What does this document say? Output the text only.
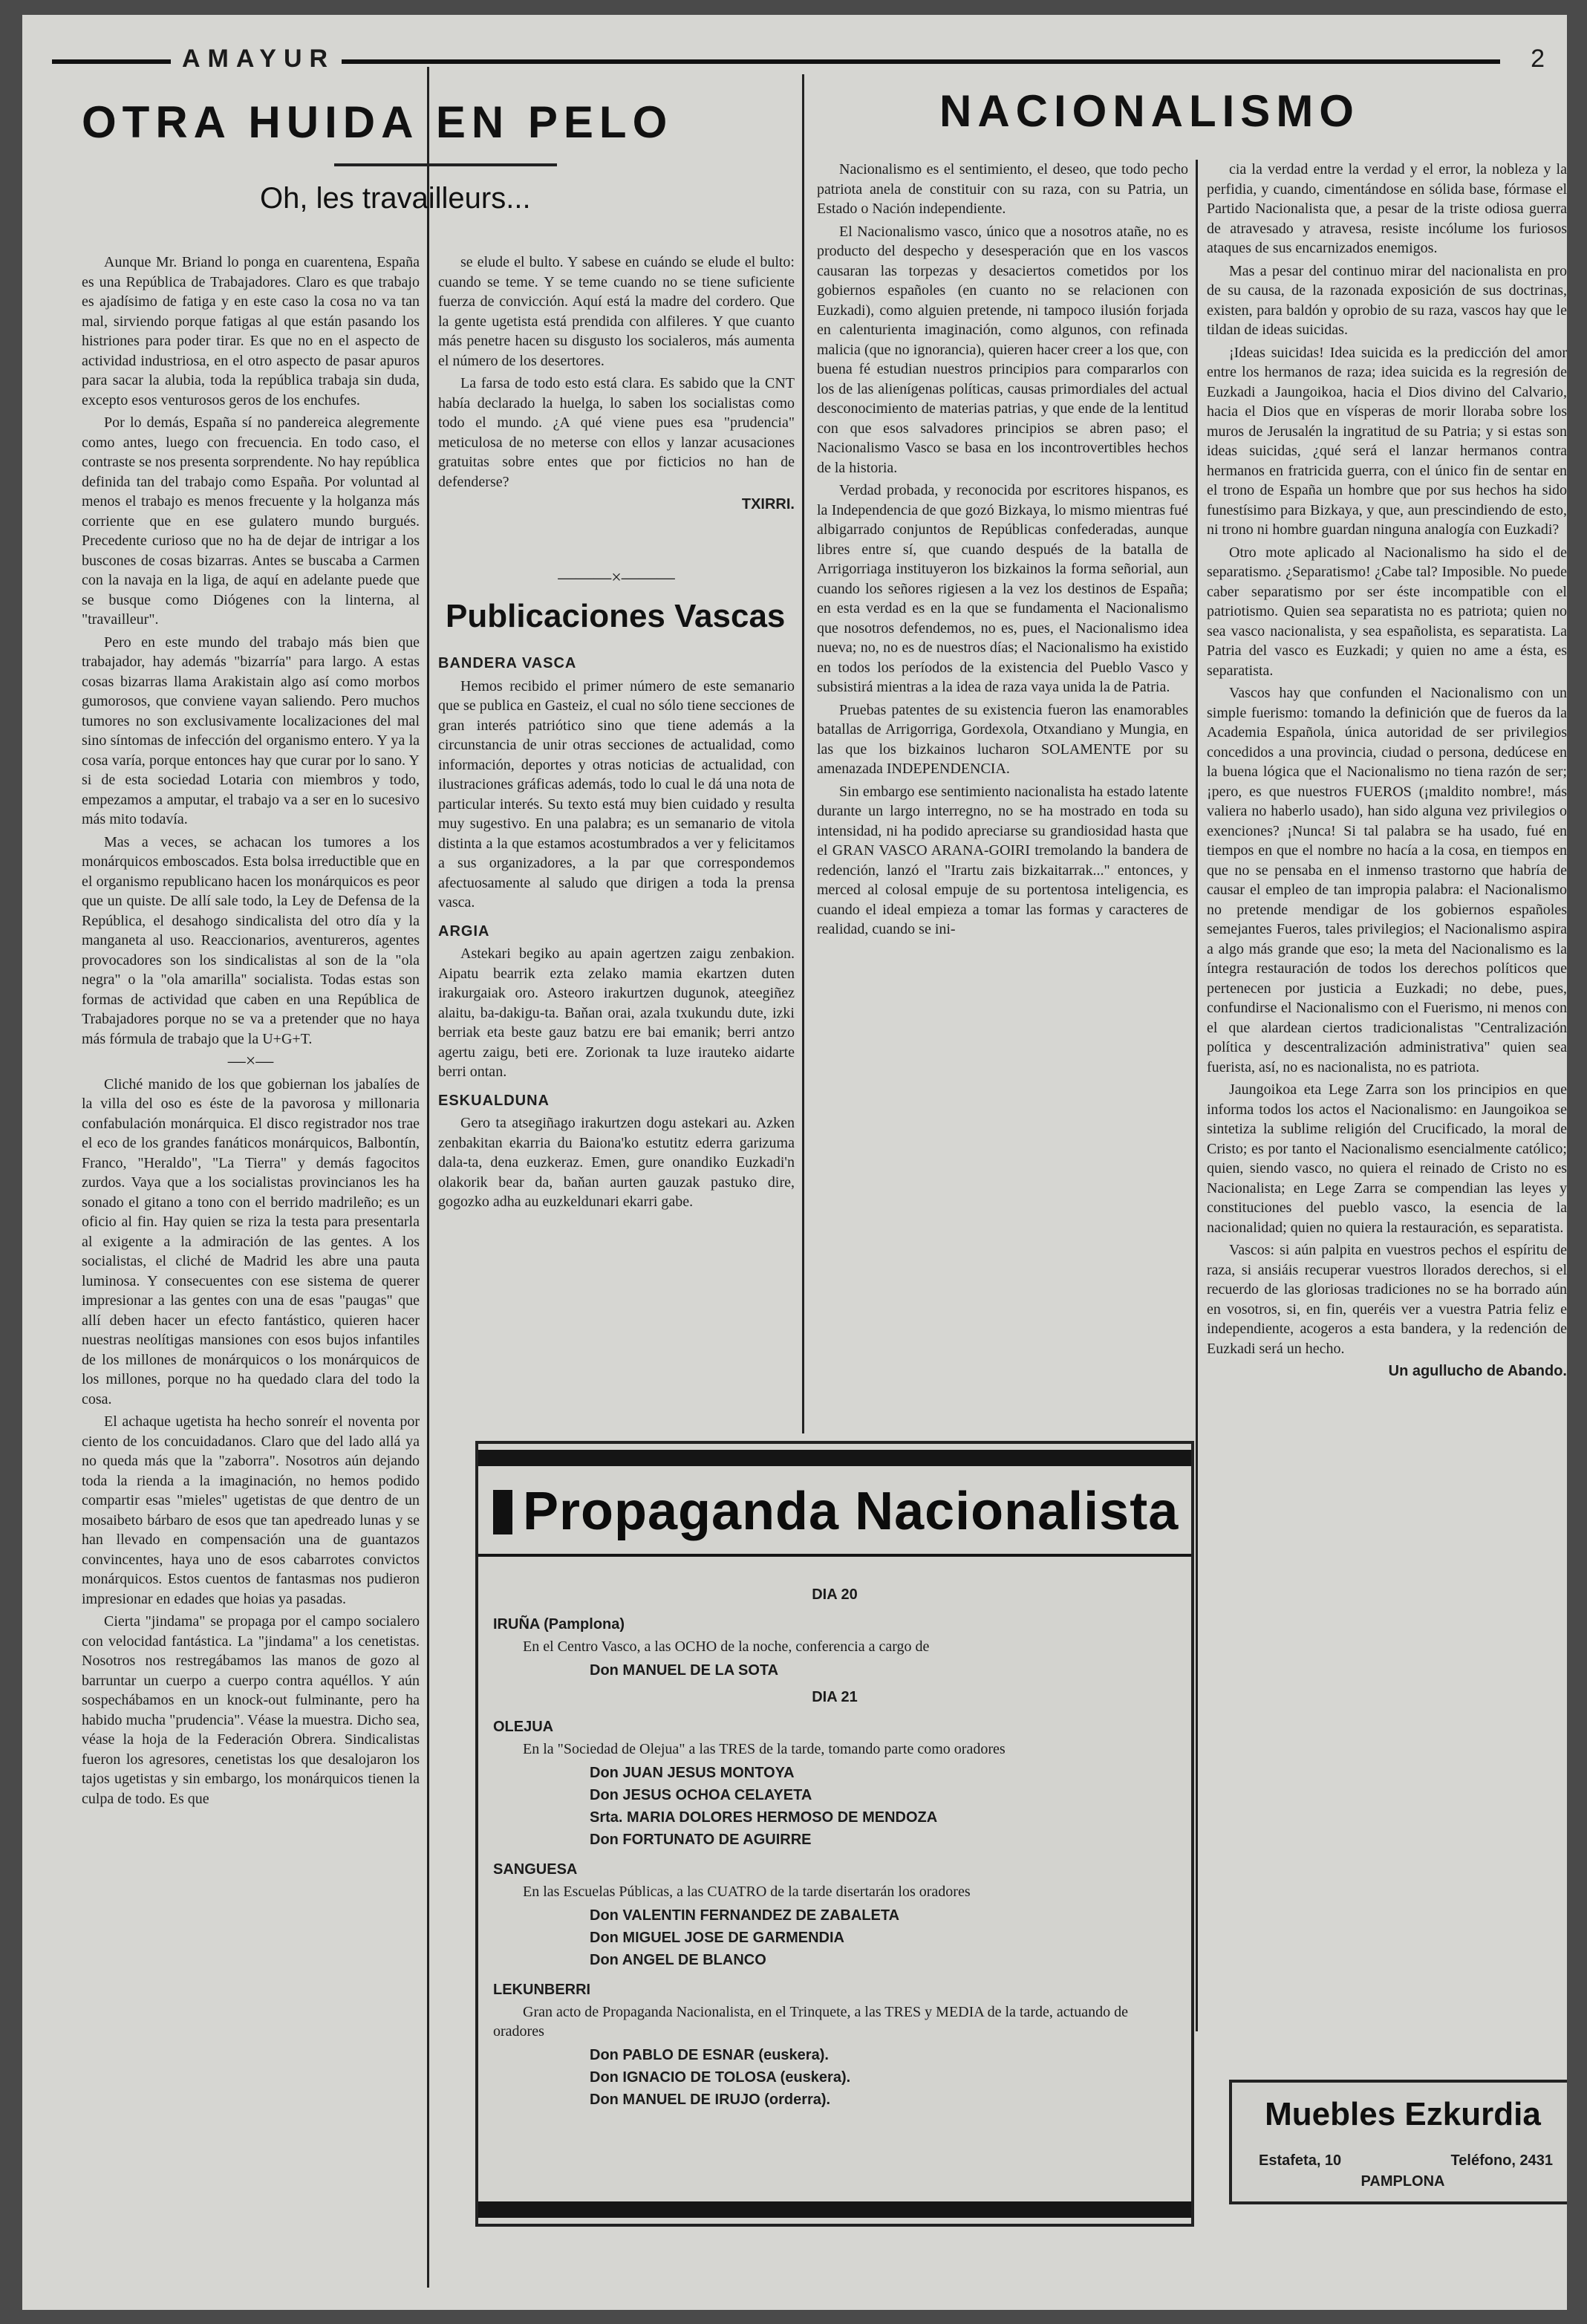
AMAYUR	2
OTRA HUIDA EN PELO
Oh, les travailleurs...

Aunque Mr. Briand lo ponga en cuarentena, España es una República de Trabajadores. Claro es que trabajo es ajadísimo de fatiga y en este caso la cosa no va tan mal, sirviendo porque fatigas al que están pasando los histriones para poder tirar. Es que no en el aspecto de actividad industriosa, en el otro aspecto de pasar apuros para sacar la alubia, toda la república trabaja sin duda, excepto esos venturosos geros de los enchufes.

Por lo demás, España sí no pandereica alegremente como antes, luego con frecuencia. En todo caso, el contraste se nos presenta sorprendente. No hay república definida tan del trabajo como España. Por voluntad al menos el trabajo es menos frecuente y la holganza más corriente que en ese gulatero mundo burgués. Precedente curioso que no ha de dejar de intrigar a los buscones de cosas bizarras. Antes se buscaba a Carmen con la navaja en la liga, de aquí en adelante puede que se busque como Diógenes con la linterna, al "travailleur".

Pero en este mundo del trabajo más bien que trabajador, hay además "bizarría" para largo. A estas cosas bizarras llama Arakistain algo así como morbos gumorosos, que conviene vayan saliendo. Pero muchos tumores no son exclusivamente localizaciones del mal sino síntomas de infección del organismo entero. Y ya la cosa varía, porque entonces hay que curar por lo sano. Y si de esta sociedad Lotaria con miembros y todo, empezamos a amputar, el trabajo va a ser en lo sucesivo más mito todavía.

Mas a veces, se achacan los tumores a los monárquicos emboscados. Esta bolsa irreductible que en el organismo republicano hacen los monárquicos es peor que un quiste. De allí sale todo, la Ley de Defensa de la República, el desahogo sindicalista del otro día y la manganeta al uso. Reaccionarios, aventureros, agentes provocadores son los sindicalistas al son de la "ola negra" o la "ola amarilla" socialista. Todas estas son formas de actividad que caben en una República de Trabajadores porque no se va a pretender que no haya más fórmula de trabajo que la U+G+T.

—×—

Cliché manido de los que gobiernan los jabalíes de la villa del oso es éste de la pavorosa y millonaria confabulación monárquica. El disco registrador nos trae el eco de los grandes fanáticos monárquicos, Balbontín, Franco, "Heraldo", "La Tierra" y demás fagocitos zurdos. Vaya que a los socialistas provincianos les ha sonado el gitano a tono con el berrido madrileño; es un oficio al fin. Hay quien se riza la testa para presentarla al exigente a la admiración de las gentes. A los socialistas, el cliché de Madrid les abre una pauta luminosa. Y consecuentes con ese sistema de querer impresionar a las gentes con una de esas "paugas" que allí deben hacer un efecto fantástico, quieren hacer nuestras neolítigas mansiones con esos bujos infantiles de los millones de monárquicos o los monárquicos de los millones, porque no ha quedado clara del todo la cosa.

El achaque ugetista ha hecho sonreír el noventa por ciento de los concuidadanos. Claro que del lado allá ya no queda más que la "zaborra". Nosotros aún dejando toda la rienda a la imaginación, no hemos podido compartir esas "mieles" ugetistas de que dentro de un mosaibeto bárbaro de esos que tan apedreado lunas y se han llevado en compensación una de guantazos convincentes, haya uno de esos cabarrotes convictos monárquicos. Estos cuentos de fantasmas nos pudieron impresionar en edades que hoias ya pasadas.

Cierta "jindama" se propaga por el campo socialero con velocidad fantástica. La "jindama" a los cenetistas. Nosotros nos restregábamos las manos de gozo al barruntar un cuerpo a cuerpo contra aquéllos. Y aún sospechábamos en un knock-out fulminante, pero ha habido mucha "prudencia". Véase la muestra. Dicho sea, véase la hoja de la Federación Obrera. Sindicalistas fueron los agresores, cenetistas los que desalojaron los tajos ugetistas y sin embargo, los monárquicos tienen la culpa de todo. Es que

se elude el bulto. Y sabese en cuándo se elude el bulto: cuando se teme. Y se teme cuando no se tiene suficiente fuerza de convicción. Aquí está la madre del cordero. Que la gente ugetista está prendida con alfileres. Y que cuanto más penetre hacen su disgusto los socialeros, más aumenta el número de los desertores.

La farsa de todo esto está clara. Es sabido que la CNT había declarado la huelga, lo saben los socialistas como todo el mundo. ¿A qué viene pues esa "prudencia" meticulosa de no meterse con ellos y lanzar acusaciones gratuitas sobre entes que por ficticios no han de defenderse?

TXIRRI.

———×———
Publicaciones Vascas
BANDERA VASCA

Hemos recibido el primer número de este semanario que se publica en Gasteiz, el cual no sólo tiene secciones de gran interés patriótico sino que tiene además a la circunstancia de unir otras secciones de actualidad, como información, deportes y otras noticias de actualidad, con ilustraciones gráficas además, todo lo cual le dá una nota de particular interés. Su texto está muy bien cuidado y resulta muy sugestivo. En una palabra; es un semanario de vitola distinta a la que estamos acostumbrados a ver y felicitamos a sus organizadores, a la par que correspondemos afectuosamente al saludo que dirigen a toda la prensa vasca.

ARGIA

Astekari begiko au apain agertzen zaigu zenbakion. Aipatu bearrik ezta zelako mamia ekartzen duten irakurgaiak oro. Asteoro irakurtzen dugunok, ateegiñez alaitu, ba-dakigu-ta. Baňan orai, azala txukundu dute, izki berriak eta beste gauz batzu ere bai emanik; berri antzo agertu zaigu, beti ere. Zorionak ta luze irauteko aidarte berri ontan.

ESKUALDUNA

Gero ta atsegiñago irakurtzen dogu astekari au. Azken zenbakitan ekarria du Baiona'ko estutitz ederra garizuma dala-ta, dena euzkeraz. Emen, gure onandiko Euzkadi'n olakorik bear da, baňan aurten gauzak pastuko dire, gogozko adha au euzkeldunari ekarri gabe.

NACIONALISMO

Nacionalismo es el sentimiento, el deseo, que todo pecho patriota anela de constituir con su raza, con su Patria, un Estado o Nación independiente.

El Nacionalismo vasco, único que a nosotros atañe, no es producto del despecho y desesperación que en los vascos causaran las torpezas y desaciertos cometidos por los gobiernos españoles (en cuanto no se relacionen con Euzkadi), como alguien pretende, ni tampoco ilusión forjada en calenturienta imaginación, como algunos, con refinada malicia (que no ignorancia), quieren hacer creer a los que, con buena fé estudian nuestros principios para compararlos con los de las alienígenas políticas, causas primordiales del actual desconocimiento de materias patrias, y que ende de la lentitud con que esos salvadores principios se abren paso; el Nacionalismo Vasco se basa en los incontrovertibles hechos de la historia.

Verdad probada, y reconocida por escritores hispanos, es la Independencia de que gozó Bizkaya, lo mismo mientras fué albigarrado conjuntos de Repúblicas confederadas, aunque libres entre sí, que cuando después de la batalla de Arrigorriaga instituyeron los bizkainos la forma señorial, aun cuando los señores rigiesen a la vez los destinos de España; en esta verdad es en la que se fundamenta el Nacionalismo que nosotros defendemos, no es, pues, el Nacionalismo idea nueva; no, no es de nuestros días; el Nacionalismo ha existido en todos los períodos de la existencia del Pueblo Vasco y subsistirá mientras a la idea de raza vaya unida la de Patria.

Pruebas patentes de su existencia fueron las enamorables batallas de Arrigorriga, Gordexola, Otxandiano y Mungia, en las que los bizkainos lucharon SOLAMENTE por su amenazada INDEPENDENCIA.

Sin embargo ese sentimiento nacionalista ha estado latente durante un largo interregno, no se ha mostrado en toda su intensidad, ni ha podido apreciarse su grandiosidad hasta que el GRAN VASCO ARANA-GOIRI tremolando la bandera de redención, lanzó el "Irartu zais bizkaitarrak..." entonces, y merced al colosal empuje de su portentosa inteligencia, es cuando el ideal empieza a tomar las formas y caracteres de realidad, cuando se ini-

cia la verdad entre la verdad y el error, la nobleza y la perfidia, y cuando, cimentándose en sólida base, fórmase el Partido Nacionalista que, a pesar de la triste odiosa guerra de atravesado y atravesa, resiste incólume los furiosos ataques de sus encarnizados enemigos.

Mas a pesar del continuo mirar del nacionalista en pro de su causa, de la razonada exposición de sus doctrinas, existen, para baldón y oprobio de su raza, vascos hay que le tildan de ideas suicidas.

¡Ideas suicidas! Idea suicida es la predicción del amor entre los hermanos de raza; idea suicida es la regresión de Euzkadi a Jaungoikoa, hacia el Dios divino del Calvario, hacia el Dios que en vísperas de morir lloraba sobre los muros de Jerusalén la ingratitud de su Patria; y si estas son ideas suicidas, ¿qué será el lanzar hermanos contra hermanos en fratricida guerra, con el único fin de sentar en el trono de España un hombre que por sus hechos ha sido funestísimo para Bizkaya, y que, aun prescindiendo de esto, ni trono ni hombre guardan ninguna analogía con Euzkadi?

Otro mote aplicado al Nacionalismo ha sido el de separatismo. ¿Separatismo! ¿Cabe tal? Imposible. No puede caber separatismo por ser éste incompatible con el patriotismo. Quien sea separatista no es patriota; quien no sea vasco nacionalista, y sea españolista, es separatista. La Patria del vasco es Euzkadi; y quien no ame a ésta, es separatista.

Vascos hay que confunden el Nacionalismo con un simple fuerismo: tomando la definición que de fueros da la Academia Española, única autoridad de ser privilegios concedidos a una provincia, ciudad o persona, dedúcese en la buena lógica que el Nacionalismo no tiena razón de ser; ¡pero, es que nuestros FUEROS (¡maldito nombre!, más valiera no haberlo usado), han sido alguna vez privilegios o exenciones? ¡Nunca! Si tal palabra se ha usado, fué en tiempos en que el nombre no hacía a la cosa, en tiempos en que no se pensaba en el inmenso trastorno que habría de causar el empleo de tan impropia palabra: el Nacionalismo no pretende mendigar de los gobiernos españoles semejantes Fueros, tales privilegios; el Nacionalismo aspira a algo más grande que eso; la meta del Nacionalismo es la íntegra restauración de todos los derechos políticos que pertenecen por justicia a Euzkadi; no debe, pues, confundirse el Nacionalismo con el Fuerismo, ni menos con el que alardean ciertos tradicionalistas "Centralización política y descentralización administrativa" quien sea fuerista, así, no es nacionalista, no es patriota.

Jaungoikoa eta Lege Zarra son los principios en que informa todos los actos el Nacionalismo: en Jaungoikoa se sintetiza la sublime religión del Crucificado, la moral de Cristo; es por tanto el Nacionalismo esencialmente católico; quien, siendo vasco, no quiera el reinado de Cristo no es Nacionalista; en Lege Zarra se compendian las leyes y constituciones del pueblo vasco, la esencia de la nacionalidad; quien no quiera la restauración, es separatista.

Vascos: si aún palpita en vuestros pechos el espíritu de raza, si ansiáis recuperar vuestros llorados derechos, si el recuerdo de las gloriosas tradiciones no se ha borrado aún en vosotros, si, en fin, queréis ver a vuestra Patria feliz e independiente, acogeros a esta bandera, y la redención de Euzkadi será un hecho.

Un agullucho de Abando.

Propaganda Nacionalista
DIA 20
IRUÑA (Pamplona)
En el Centro Vasco, a las OCHO de la noche, conferencia a cargo de
Don MANUEL DE LA SOTA
DIA 21
OLEJUA
En la "Sociedad de Olejua" a las TRES de la tarde, tomando parte como oradores
Don JUAN JESUS MONTOYA
Don JESUS OCHOA CELAYETA
Srta. MARIA DOLORES HERMOSO DE MENDOZA
Don FORTUNATO DE AGUIRRE
SANGUESA
En las Escuelas Públicas, a las CUATRO de la tarde disertarán los oradores
Don VALENTIN FERNANDEZ DE ZABALETA
Don MIGUEL JOSE DE GARMENDIA
Don ANGEL DE BLANCO
LEKUNBERRI
Gran acto de Propaganda Nacionalista, en el Trinquete, a las TRES y MEDIA de la tarde, actuando de oradores
Don PABLO DE ESNAR (euskera).
Don IGNACIO DE TOLOSA (euskera).
Don MANUEL DE IRUJO (orderra).	Muebles Ezkurdia
Estafeta, 10	Teléfono, 2431
PAMPLONA
